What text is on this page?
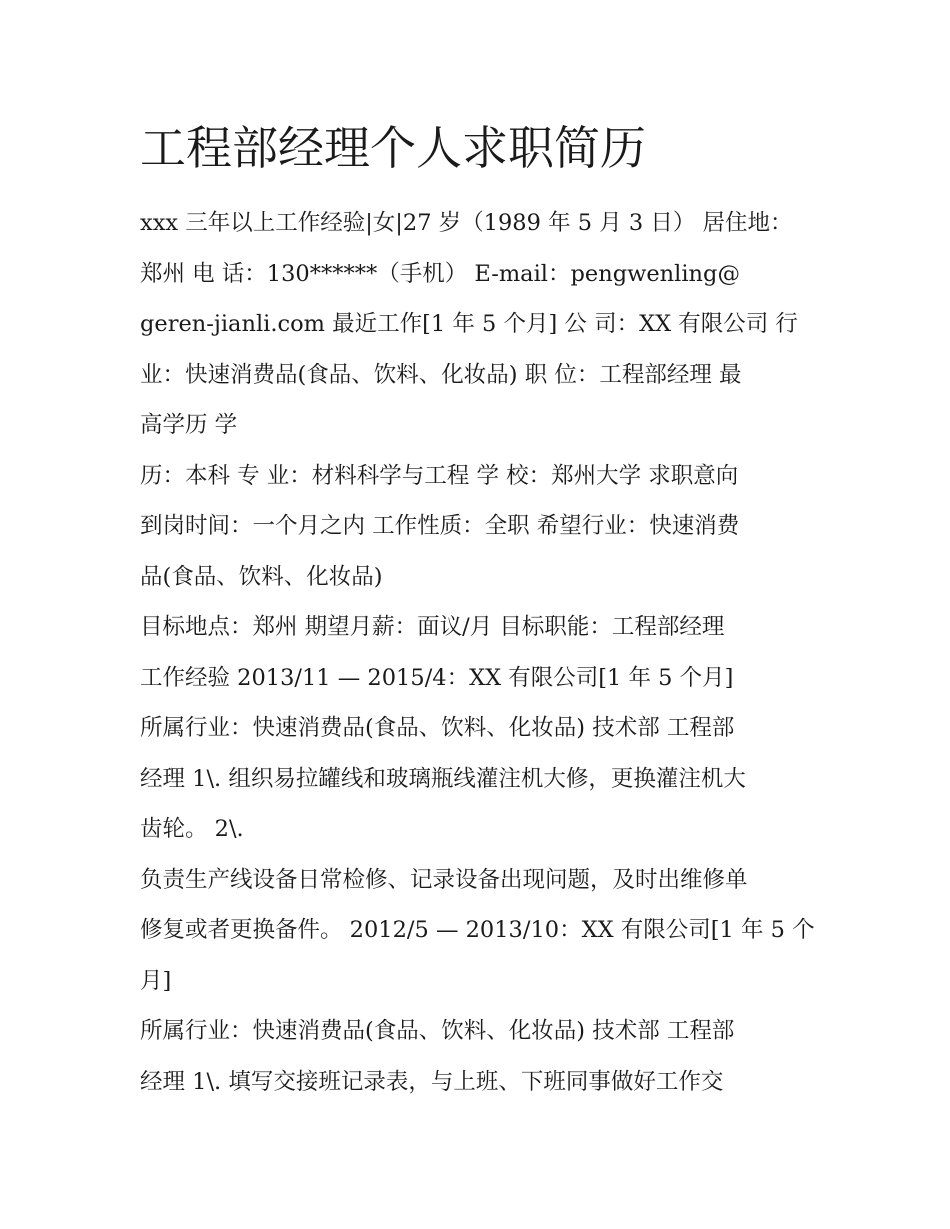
工程部经理个人求职简历

xxx 三年以上工作经验|女|27 岁（1989 年 5 月 3 日） 居住地：

郑州 电 话：130******（手机） E-mail：pengwenling@

geren-jianli.com 最近工作[1 年 5 个月] 公 司：XX 有限公司 行

业：快速消费品(食品、饮料、化妆品) 职 位：工程部经理 最

高学历 学

历：本科 专 业：材料科学与工程 学 校：郑州大学 求职意向

到岗时间：一个月之内 工作性质：全职 希望行业：快速消费

品(食品、饮料、化妆品)

目标地点：郑州 期望月薪：面议/月 目标职能：工程部经理

工作经验 2013/11 — 2015/4：XX 有限公司[1 年 5 个月]

所属行业：快速消费品(食品、饮料、化妆品) 技术部 工程部

经理 1\. 组织易拉罐线和玻璃瓶线灌注机大修，更换灌注机大

齿轮。 2\.

负责生产线设备日常检修、记录设备出现问题，及时出维修单

修复或者更换备件。 2012/5 — 2013/10：XX 有限公司[1 年 5 个

月]

所属行业：快速消费品(食品、饮料、化妆品) 技术部 工程部

经理 1\. 填写交接班记录表，与上班、下班同事做好工作交
